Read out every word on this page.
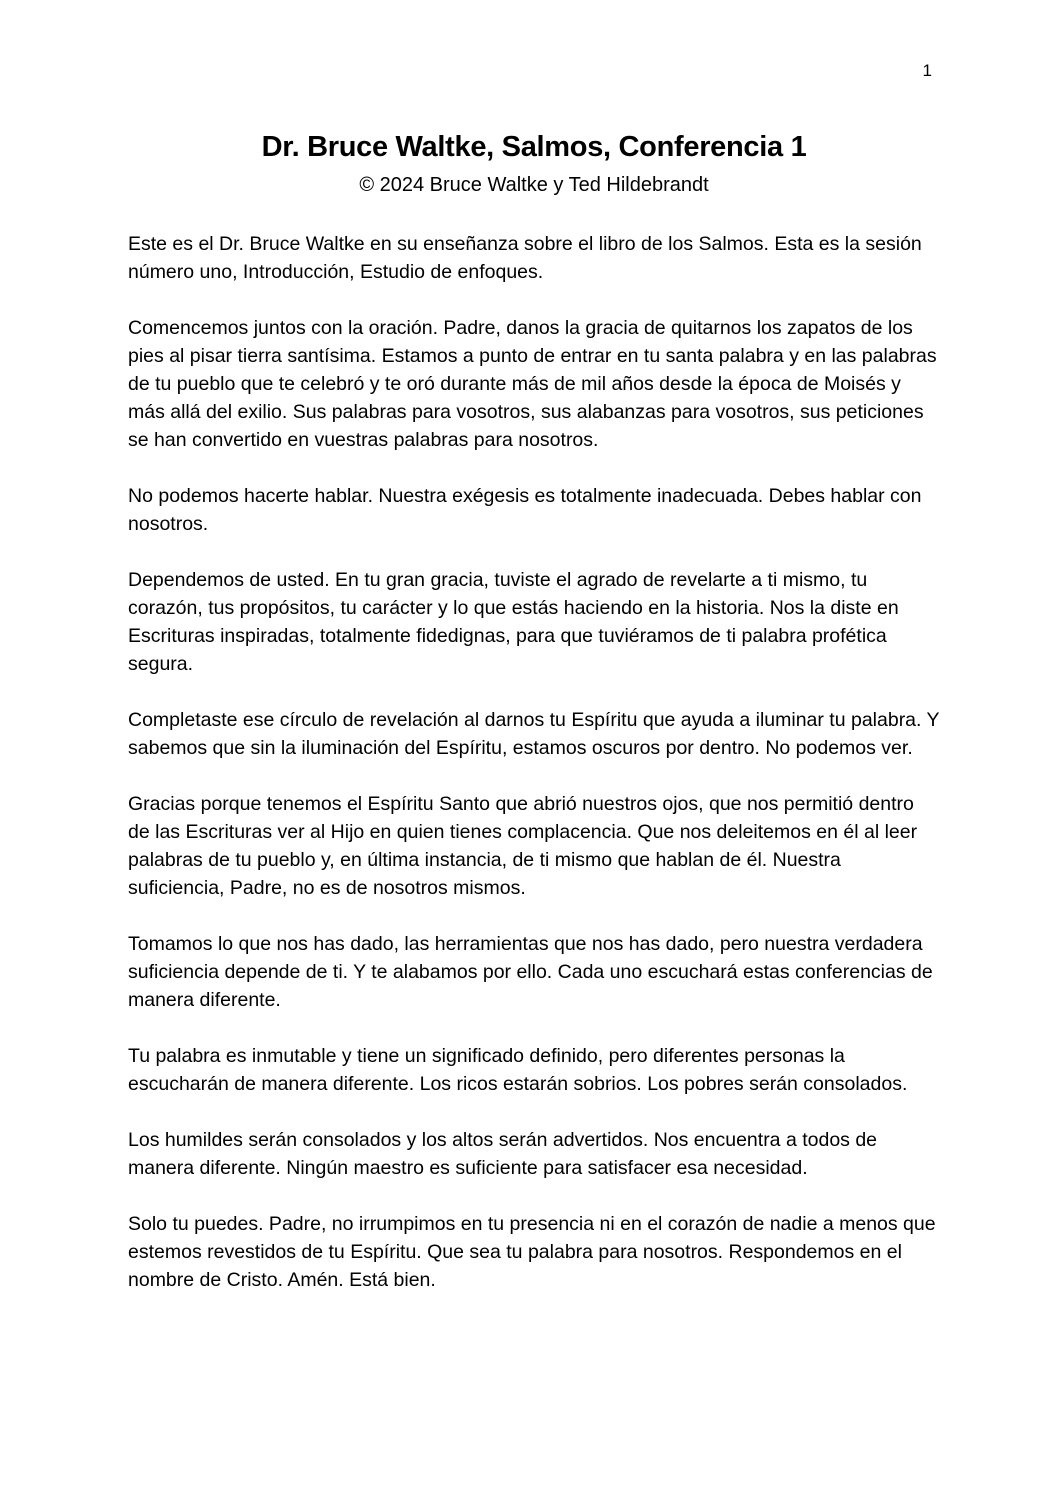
1
Dr. Bruce Waltke, Salmos, Conferencia 1
© 2024 Bruce Waltke y Ted Hildebrandt

Este es el Dr. Bruce Waltke en su enseñanza sobre el libro de los Salmos. Esta es la sesión número uno, Introducción, Estudio de enfoques.

Comencemos juntos con la oración. Padre, danos la gracia de quitarnos los zapatos de los pies al pisar tierra santísima. Estamos a punto de entrar en tu santa palabra y en las palabras de tu pueblo que te celebró y te oró durante más de mil años desde la época de Moisés y más allá del exilio. Sus palabras para vosotros, sus alabanzas para vosotros, sus peticiones se han convertido en vuestras palabras para nosotros.

No podemos hacerte hablar. Nuestra exégesis es totalmente inadecuada. Debes hablar con nosotros.

Dependemos de usted. En tu gran gracia, tuviste el agrado de revelarte a ti mismo, tu corazón, tus propósitos, tu carácter y lo que estás haciendo en la historia. Nos la diste en Escrituras inspiradas, totalmente fidedignas, para que tuviéramos de ti palabra profética segura.

Completaste ese círculo de revelación al darnos tu Espíritu que ayuda a iluminar tu palabra. Y sabemos que sin la iluminación del Espíritu, estamos oscuros por dentro. No podemos ver.

Gracias porque tenemos el Espíritu Santo que abrió nuestros ojos, que nos permitió dentro de las Escrituras ver al Hijo en quien tienes complacencia. Que nos deleitemos en él al leer palabras de tu pueblo y, en última instancia, de ti mismo que hablan de él. Nuestra suficiencia, Padre, no es de nosotros mismos.

Tomamos lo que nos has dado, las herramientas que nos has dado, pero nuestra verdadera suficiencia depende de ti. Y te alabamos por ello. Cada uno escuchará estas conferencias de manera diferente.

Tu palabra es inmutable y tiene un significado definido, pero diferentes personas la escucharán de manera diferente. Los ricos estarán sobrios. Los pobres serán consolados.

Los humildes serán consolados y los altos serán advertidos. Nos encuentra a todos de manera diferente. Ningún maestro es suficiente para satisfacer esa necesidad.

Solo tu puedes. Padre, no irrumpimos en tu presencia ni en el corazón de nadie a menos que estemos revestidos de tu Espíritu. Que sea tu palabra para nosotros. Respondemos en el nombre de Cristo. Amén. Está bien.
